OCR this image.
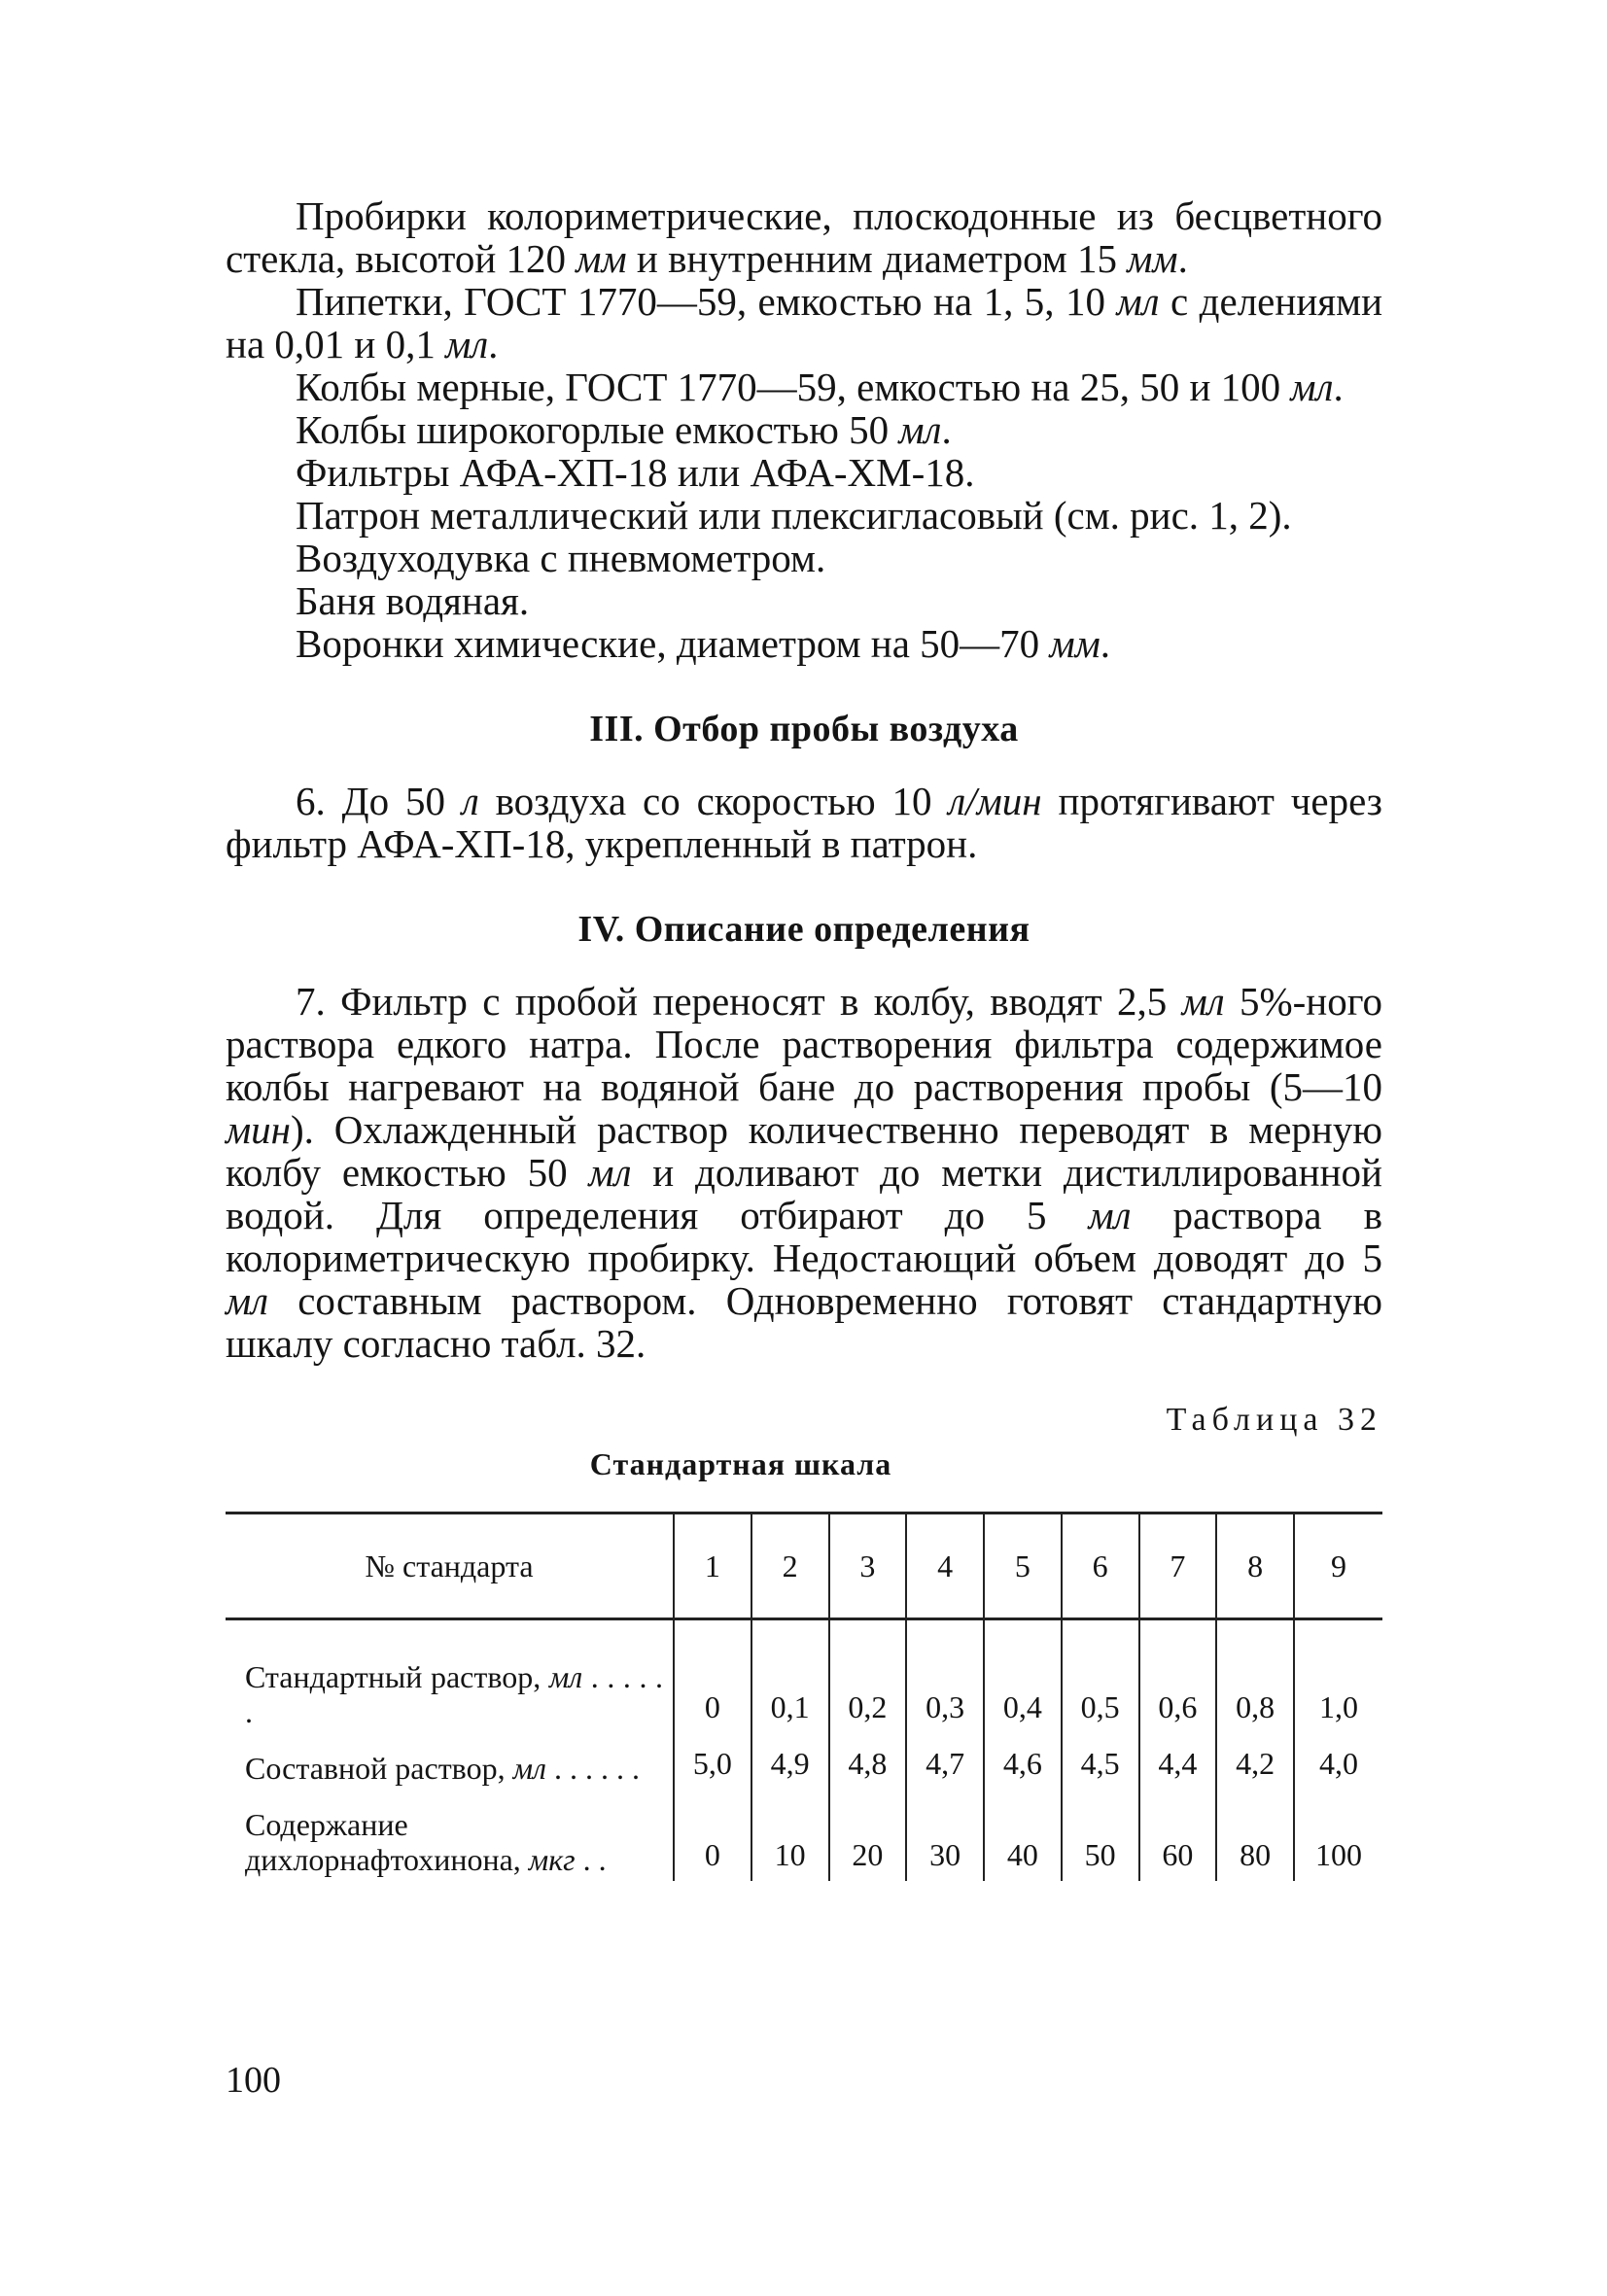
Пробирки колориметрические, плоскодонные из бесцветного стекла, высотой 120 мм и внутренним диаметром 15 мм.

Пипетки, ГОСТ 1770—59, емкостью на 1, 5, 10 мл с делениями на 0,01 и 0,1 мл.

Колбы мерные, ГОСТ 1770—59, емкостью на 25, 50 и 100 мл.

Колбы широкогорлые емкостью 50 мл.

Фильтры АФА-ХП-18 или АФА-ХМ-18.

Патрон металлический или плексигласовый (см. рис. 1, 2).

Воздуходувка с пневмометром.

Баня водяная.

Воронки химические, диаметром на 50—70 мм.

III. Отбор пробы воздуха

6. До 50 л воздуха со скоростью 10 л/мин протягивают через фильтр АФА-ХП-18, укрепленный в патрон.

IV. Описание определения

7. Фильтр с пробой переносят в колбу, вводят 2,5 мл 5%-ного раствора едкого натра. После растворения фильтра содержимое колбы нагревают на водяной бане до растворения пробы (5—10 мин). Охлажденный раствор количественно переводят в мерную колбу емкостью 50 мл и доливают до метки дистиллированной водой. Для определения отбирают до 5 мл раствора в колориметрическую пробирку. Недостающий объем доводят до 5 мл составным раствором. Одновременно готовят стандартную шкалу согласно табл. 32.

Таблица 32
Стандартная шкала
№ стандарта	1	2	3	4	5	6	7	8	9
Стандартный раствор, мл . . . . . .	0	0,1	0,2	0,3	0,4	0,5	0,6	0,8	1,0
Составной раствор, мл . . . . . .	5,0	4,9	4,8	4,7	4,6	4,5	4,4	4,2	4,0
Содержание дихлорнафтохинона, мкг . .	0	10	20	30	40	50	60	80	100
100
